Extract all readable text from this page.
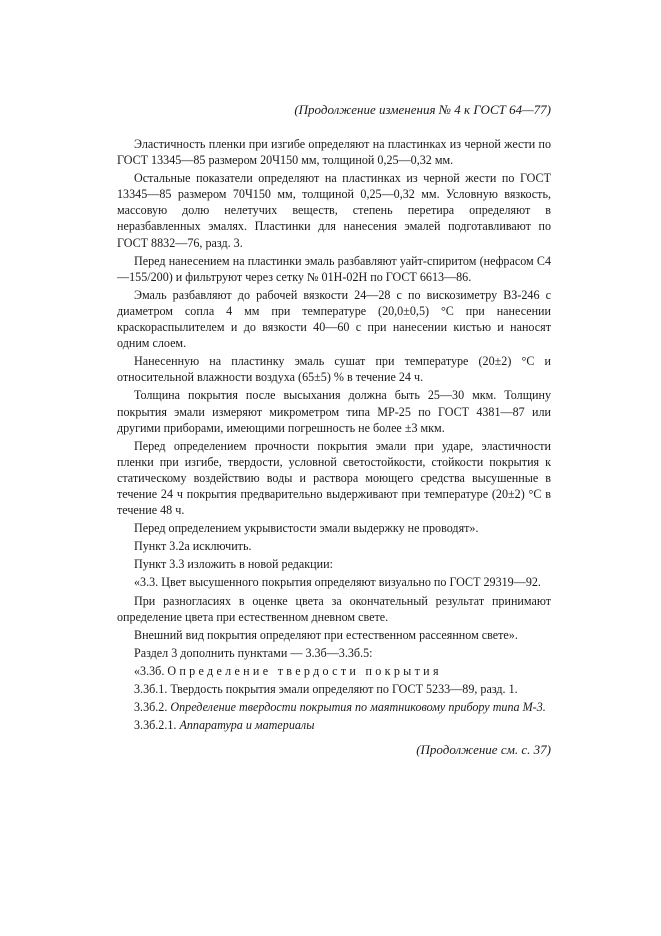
(Продолжение изменения № 4 к ГОСТ 64—77)

Эластичность пленки при изгибе определяют на пластинках из черной жести по ГОСТ 13345—85 размером 20Ч150 мм, толщиной 0,25—0,32 мм.

Остальные показатели определяют на пластинках из черной жести по ГОСТ 13345—85 размером 70Ч150 мм, толщиной 0,25—0,32 мм. Условную вязкость, массовую долю нелетучих веществ, степень перетира определяют в неразбавленных эмалях. Пластинки для нанесения эмалей подготавливают по ГОСТ 8832—76, разд. 3.

Перед нанесением на пластинки эмаль разбавляют уайт-спиритом (нефрасом С4—155/200) и фильтруют через сетку № 01Н-02Н по ГОСТ 6613—86.

Эмаль разбавляют до рабочей вязкости 24—28 с по вискозиметру ВЗ-246 с диаметром сопла 4 мм при температуре (20,0±0,5) °С при нанесении краскораспылителем и до вязкости 40—60 с при нанесении кистью и наносят одним слоем.

Нанесенную на пластинку эмаль сушат при температуре (20±2) °С и относительной влажности воздуха (65±5) % в течение 24 ч.

Толщина покрытия после высыхания должна быть 25—30 мкм. Толщину покрытия эмали измеряют микрометром типа МР-25 по ГОСТ 4381—87 или другими приборами, имеющими погрешность не более ±3 мкм.

Перед определением прочности покрытия эмали при ударе, эластичности пленки при изгибе, твердости, условной светостойкости, стойкости покрытия к статическому воздействию воды и раствора моющего средства высушенные в течение 24 ч покрытия предварительно выдерживают при температуре (20±2) °С в течение 48 ч.

Перед определением укрывистости эмали выдержку не проводят».

Пункт 3.2а исключить.

Пункт 3.3 изложить в новой редакции:

«3.3. Цвет высушенного покрытия определяют визуально по ГОСТ 29319—92.

При разногласиях в оценке цвета за окончательный результат принимают определение цвета при естественном дневном свете.

Внешний вид покрытия определяют при естественном рассеянном свете».

Раздел 3 дополнить пунктами — 3.3б—3.3б.5:

«3.3б. Определение твердости покрытия

3.3б.1. Твердость покрытия эмали определяют по ГОСТ 5233—89, разд. 1.

3.3б.2. Определение твердости покрытия по маятниковому прибору типа М-3.

3.3б.2.1. Аппаратура и материалы

(Продолжение см. с. 37)
